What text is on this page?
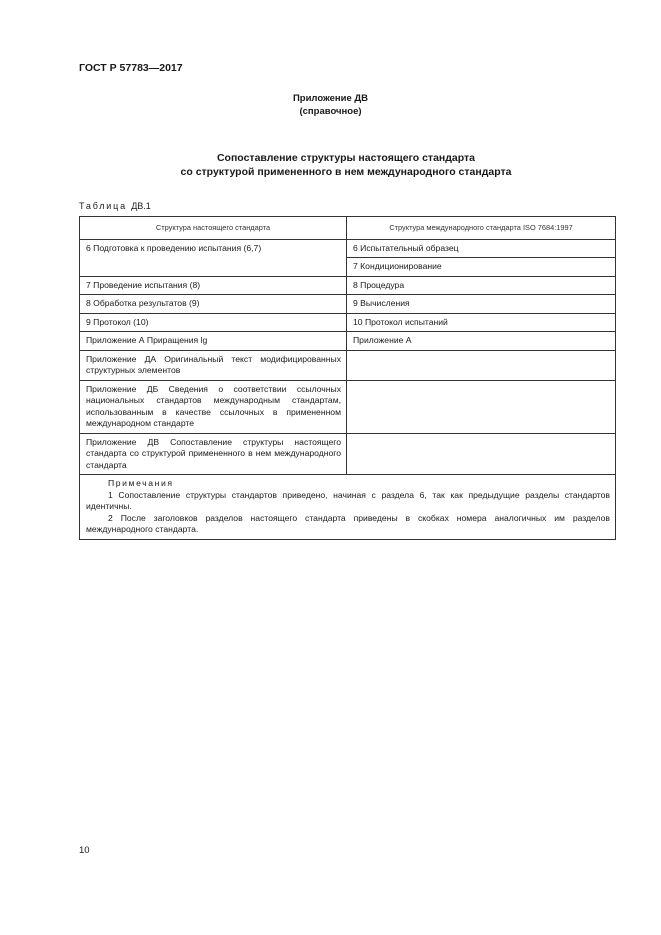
ГОСТ Р 57783—2017
Приложение ДВ
(справочное)
Сопоставление структуры настоящего стандарта
со структурой примененного в нем международного стандарта
Таблица ДВ.1
Структура настоящего стандарта	Структура международного стандарта ISO 7684:1997
6 Подготовка к проведению испытания (6,7)	6 Испытательный образец
	7 Кондиционирование
7 Проведение испытания (8)	8 Процедура
8 Обработка результатов (9)	9 Вычисления
9 Протокол (10)	10 Протокол испытаний
Приложение А Приращения lg	Приложение А
Приложение ДА Оригинальный текст модифицированных структурных элементов	
Приложение ДБ Сведения о соответствии ссылочных национальных стандартов международным стандартам, использованным в качестве ссылочных в примененном международном стандарте	
Приложение ДВ Сопоставление структуры настоящего стандарта со структурой примененного в нем международного стандарта	

Примечания
1 Сопоставление структуры стандартов приведено, начиная с раздела 6, так как предыдущие разделы стандартов идентичны.
2 После заголовков разделов настоящего стандарта приведены в скобках номера аналогичных им разделов международного стандарта.	
10
